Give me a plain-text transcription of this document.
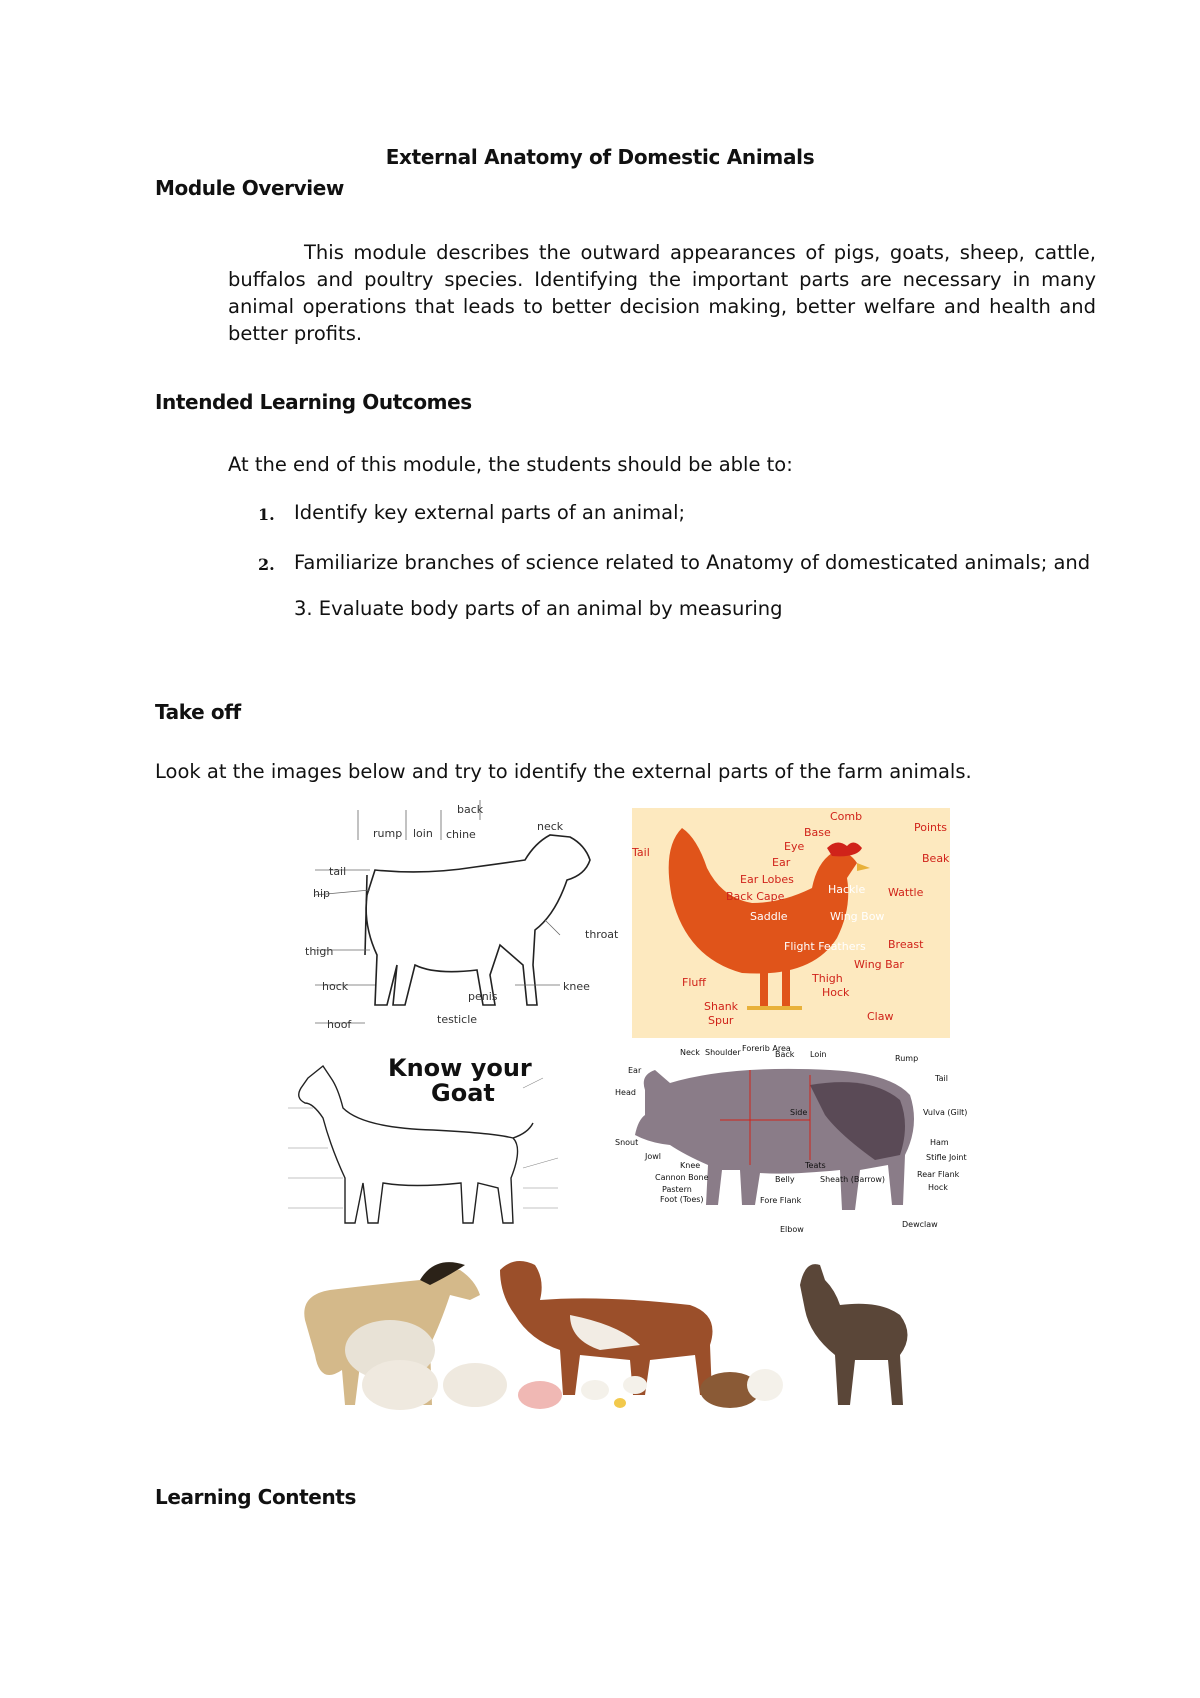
External Anatomy of Domestic Animals
Module Overview
This module describes the outward appearances of pigs, goats, sheep, cattle, buffalos and poultry species. Identifying the important parts are necessary in many animal operations that leads to better decision making, better welfare and health and better profits.
Intended Learning Outcomes
At the end of this module, the students should be able to:
1. Identify key external parts of an animal;
2. Familiarize branches of science related to Anatomy of domesticated animals; and
3. Evaluate body parts of an animal by measuring
Take off
Look at the images below and try to identify the external parts of the farm animals.
back
rump loin chine
neck
tail
hip
thigh
hock
hoof
throat
penis
testicle
knee
Comb
Base	Points
Eye
Ear	Beak
Tail
Ear Lobes
Hackle Wattle
Back Cape
Saddle	Wing Bow
Flight Feathers Breast
Wing Bar
Fluff	Thigh
Hock
Shank
Spur	Claw
Know your
Goat
Neck Shoulder Forerib Area
Back Loin	Rump
Ear
Tail
Head
Side	Vulva (Gilt)
Snout	Ham
Jowl
Knee	Teats
Stifle Joint
Cannon Bone	Belly	Sheath (Barrow)
Rear Flank
Pastern	Hock
Foot (Toes)	Fore Flank
Elbow
Dewclaw
Learning Contents
